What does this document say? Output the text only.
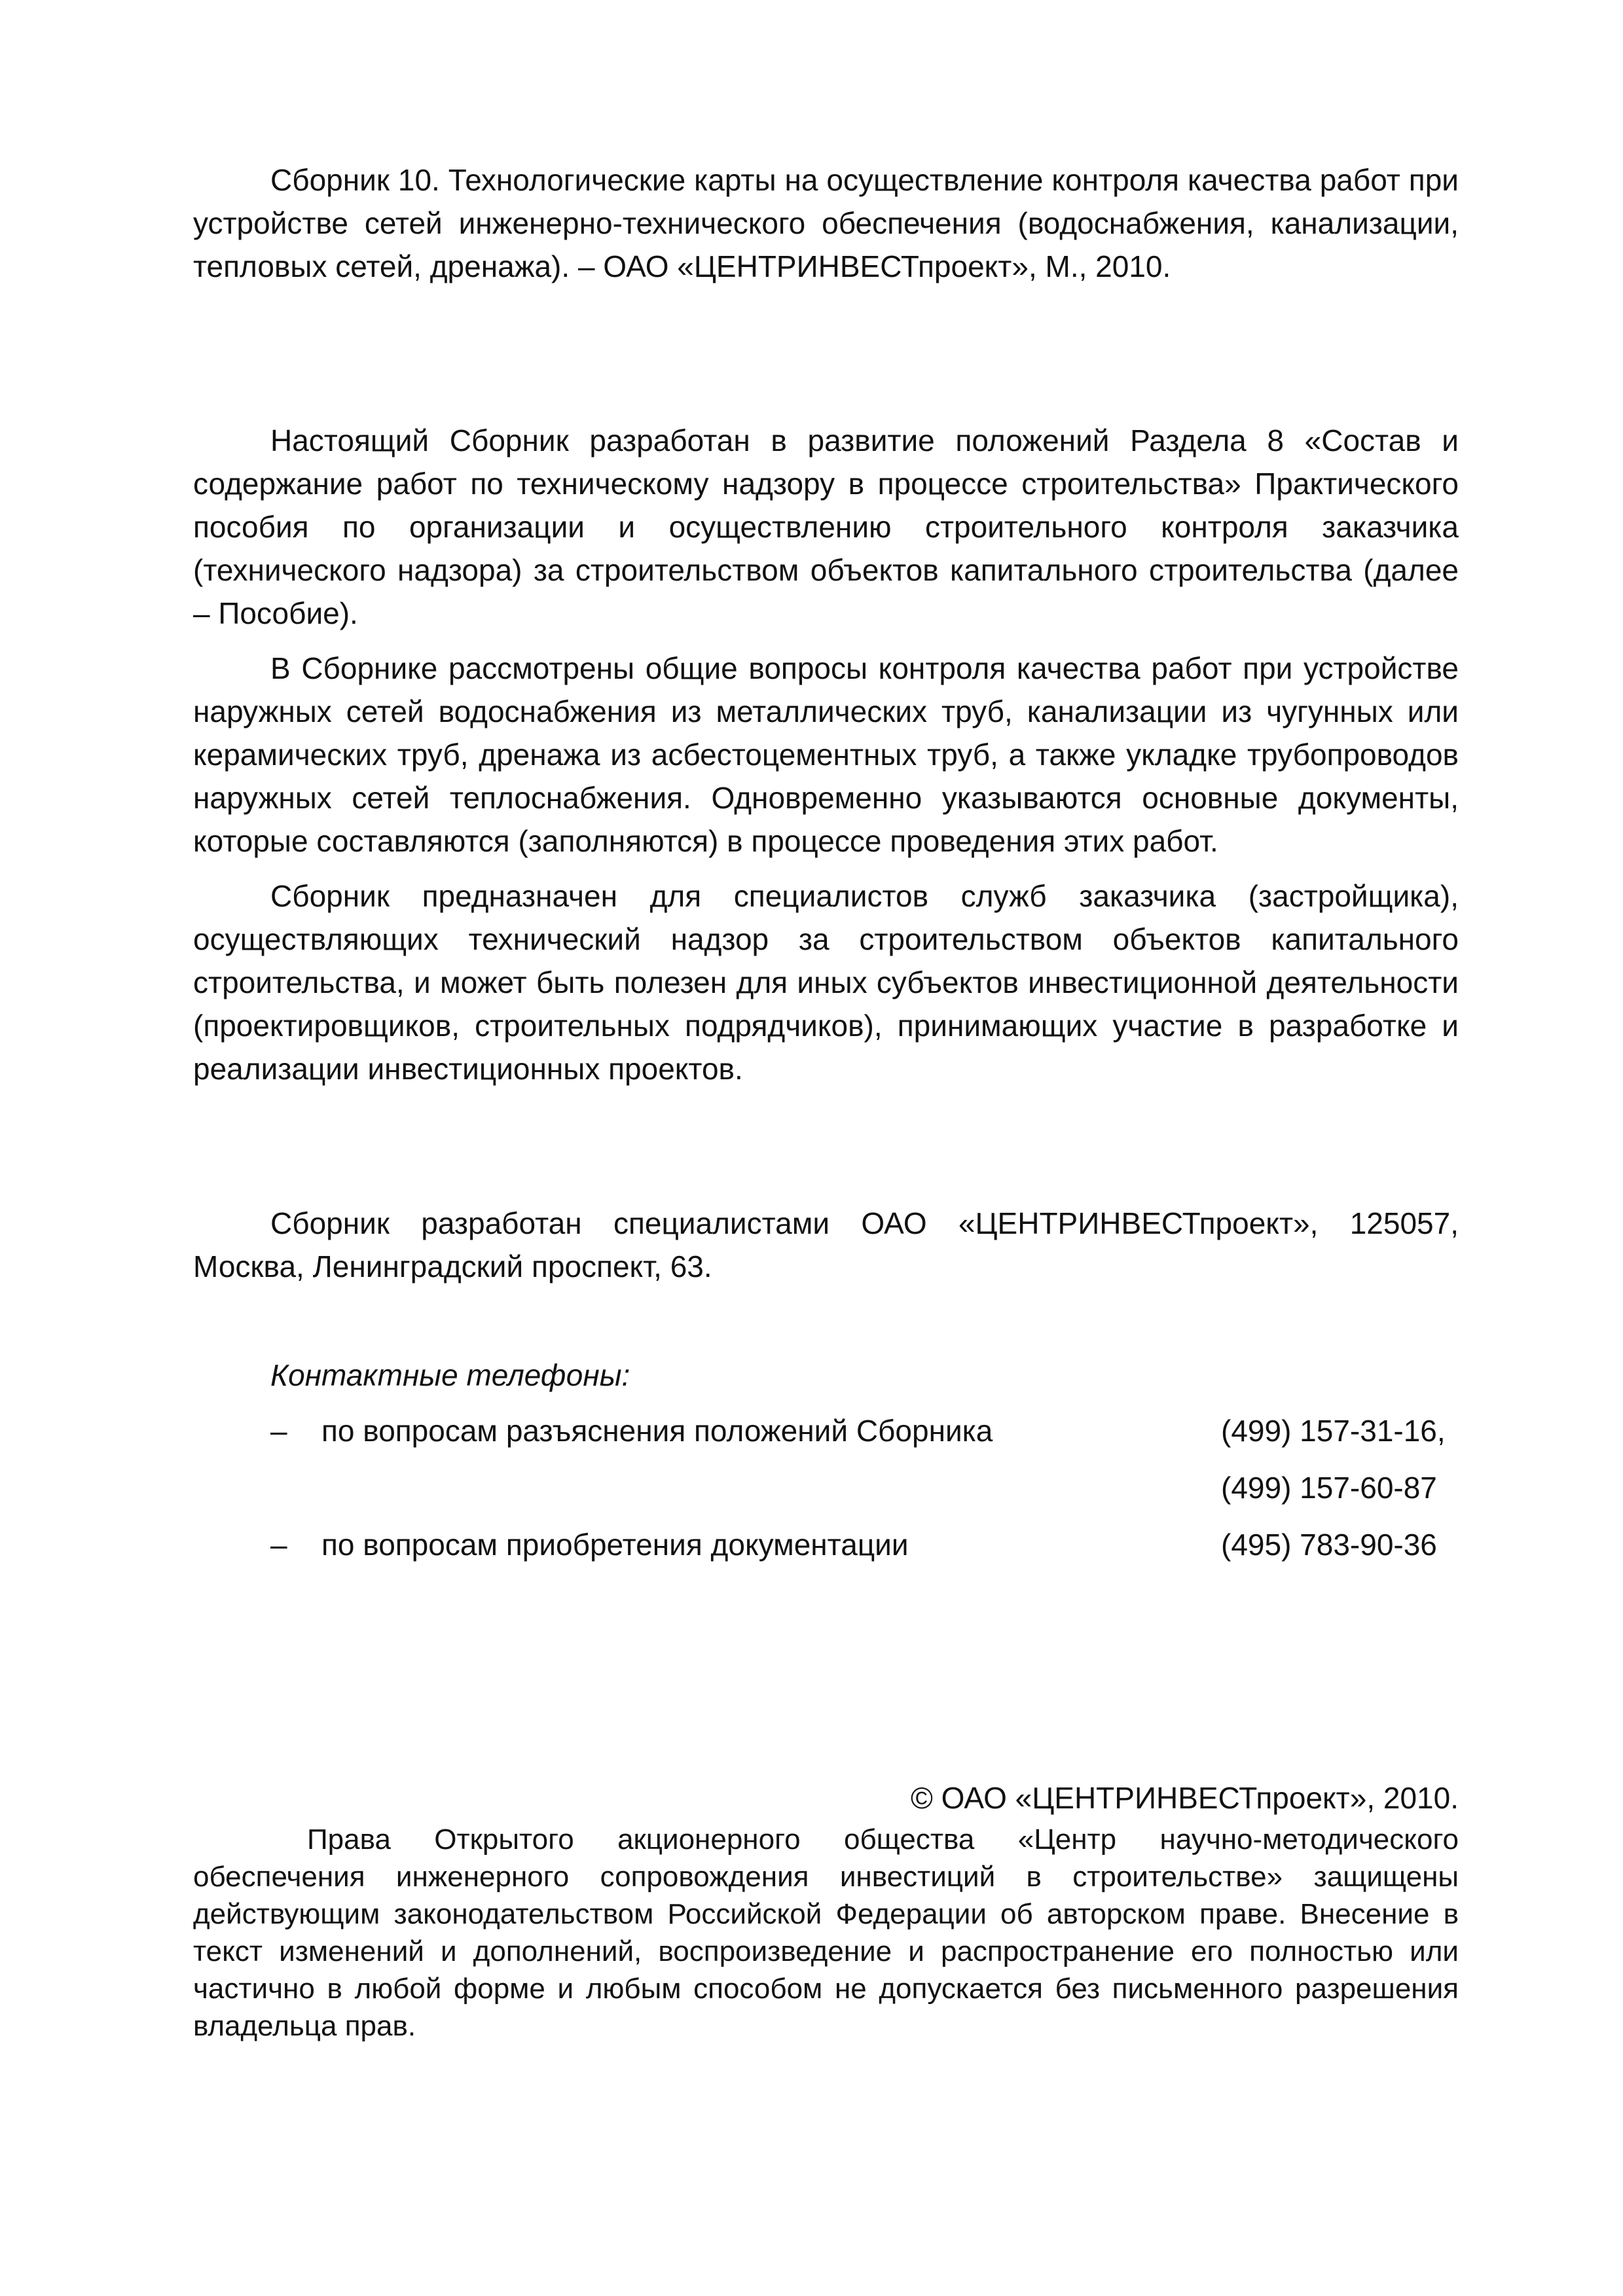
Сборник 10. Технологические карты на осуществление контроля качества работ при устройстве сетей инженерно-технического обеспечения (водоснабжения, канализации, тепловых сетей, дренажа). – ОАО «ЦЕНТРИНВЕСТпроект», М., 2010.

Настоящий Сборник разработан в развитие положений Раздела 8 «Состав и содержание работ по техническому надзору в процессе строительства» Практического пособия по организации и осуществлению строительного контроля заказчика (технического надзора) за строительством объектов капитального строительства (далее – Пособие).

В Сборнике рассмотрены общие вопросы контроля качества работ при устройстве наружных сетей водоснабжения из металлических труб, канализации из чугунных или керамических труб, дренажа из асбестоцементных труб, а также укладке трубопроводов наружных сетей теплоснабжения. Одновременно указываются основные документы, которые составляются (заполняются) в процессе проведения этих работ.

Сборник предназначен для специалистов служб заказчика (застройщика), осуществляющих технический надзор за строительством объектов капитального строительства, и может быть полезен для иных субъектов инвестиционной деятельности (проектировщиков, строительных подрядчиков), принимающих участие в разработке и реализации инвестиционных проектов.

Сборник разработан специалистами ОАО «ЦЕНТРИНВЕСТпроект», 125057, Москва, Ленинградский проспект, 63.

Контактные телефоны:
– по вопросам разъяснения положений Сборника	(499) 157-31-16,
(499) 157-60-87
– по вопросам приобретения документации	(495) 783-90-36
© ОАО «ЦЕНТРИНВЕСТпроект», 2010.

Права Открытого акционерного общества «Центр научно-методического обеспечения инженерного сопровождения инвестиций в строительстве» защищены действующим законодательством Российской Федерации об авторском праве. Внесение в текст изменений и дополнений, воспроизведение и распространение его полностью или частично в любой форме и любым способом не допускается без письменного разрешения владельца прав.
